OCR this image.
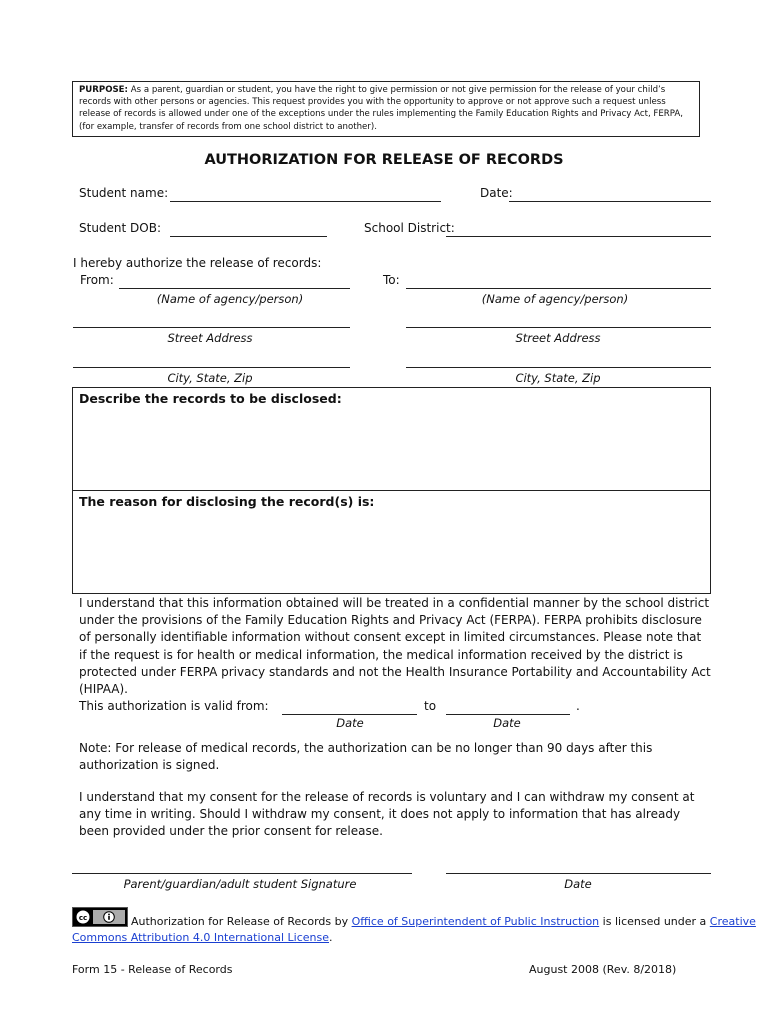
PURPOSE: As a parent, guardian or student, you have the right to give permission or not give permission for the release of your child’s records with other persons or agencies. This request provides you with the opportunity to approve or not approve such a request unless release of records is allowed under one of the exceptions under the rules implementing the Family Education Rights and Privacy Act, FERPA, (for example, transfer of records from one school district to another).
AUTHORIZATION FOR RELEASE OF RECORDS
Student name:	Date:
Student DOB:	School District:
I hereby authorize the release of records:
From:	To:
(Name of agency/person)	(Name of agency/person)
Street Address	Street Address
City, State, Zip	City, State, Zip
Describe the records to be disclosed:
The reason for disclosing the record(s) is:
I understand that this information obtained will be treated in a confidential manner by the school district under the provisions of the Family Education Rights and Privacy Act (FERPA). FERPA prohibits disclosure of personally identifiable information without consent except in limited circumstances. Please note that if the request is for health or medical information, the medical information received by the district is protected under FERPA privacy standards and not the Health Insurance Portability and Accountability Act (HIPAA).
This authorization is valid from:	to	.
Date	Date
Note: For release of medical records, the authorization can be no longer than 90 days after this authorization is signed.
I understand that my consent for the release of records is voluntary and I can withdraw my consent at any time in writing. Should I withdraw my consent, it does not apply to information that has already been provided under the prior consent for release.
Parent/guardian/adult student Signature	Date
cc	Authorization for Release of Records by Office of Superintendent of Public Instruction is licensed under a Creative
Commons Attribution 4.0 International License.
Form 15 - Release of Records	August 2008 (Rev. 8/2018)
